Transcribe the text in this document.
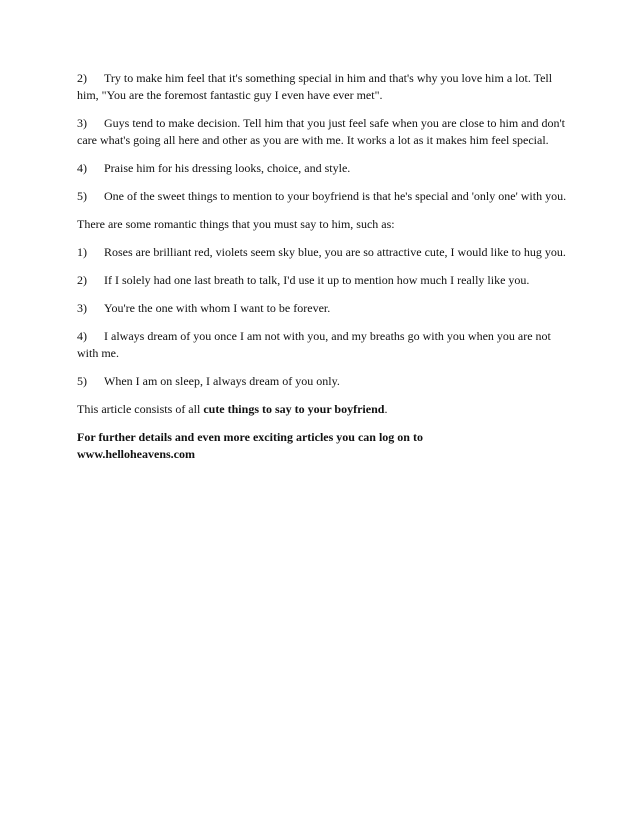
2) Try to make him feel that it's something special in him and that's why you love him a lot. Tell him, "You are the foremost fantastic guy I even have ever met".

3) Guys tend to make decision. Tell him that you just feel safe when you are close to him and don't care what's going all here and other as you are with me. It works a lot as it makes him feel special.

4) Praise him for his dressing looks, choice, and style.

5) One of the sweet things to mention to your boyfriend is that he's special and 'only one' with you.

There are some romantic things that you must say to him, such as:

1) Roses are brilliant red, violets seem sky blue, you are so attractive cute, I would like to hug you.

2) If I solely had one last breath to talk, I'd use it up to mention how much I really like you.

3) You're the one with whom I want to be forever.

4) I always dream of you once I am not with you, and my breaths go with you when you are not with me.

5) When I am on sleep, I always dream of you only.

This article consists of all cute things to say to your boyfriend.

For further details and even more exciting articles you can log on to
www.helloheavens.com
